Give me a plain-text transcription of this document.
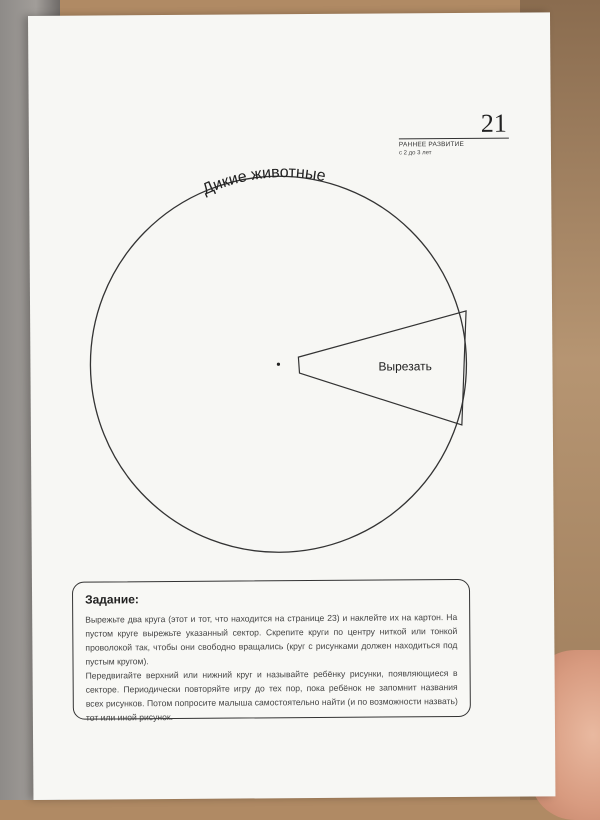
21
РАННЕЕ РАЗВИТИЕ
с 2 до 3 лет
Дикие животные
Вырезать

Задание:

Вырежьте два круга (этот и тот, что находится на странице 23) и наклейте их на картон. На пустом круге вырежьте указанный сектор. Скрепите круги по центру ниткой или тонкой проволокой так, чтобы они свободно вращались (круг с рисунками должен находиться под пустым кругом).

Передвигайте верхний или нижний круг и называйте ребёнку рисунки, появляющиеся в секторе. Периодически повторяйте игру до тех пор, пока ребёнок не запомнит названия всех рисунков. Потом попросите малыша самостоятельно найти (и по возможности назвать) тот или иной рисунок.
